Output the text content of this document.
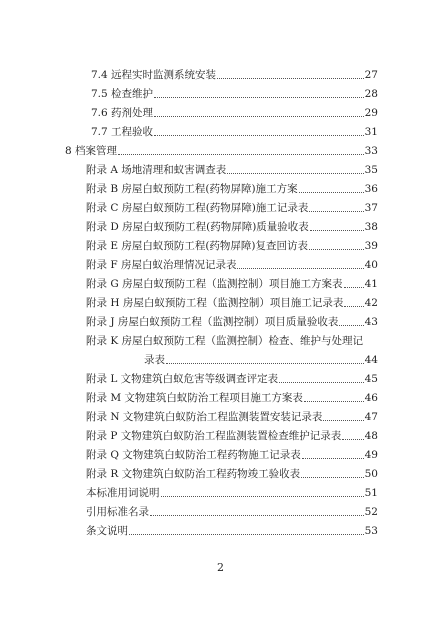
7.4 远程实时监测系统安装	27
7.5 检查维护	28
7.6 药剂处理	29
7.7 工程验收	31
8 档案管理	33
附录 A 场地清理和蚁害调查表	35
附录 B 房屋白蚁预防工程(药物屏障)施工方案	36
附录 C 房屋白蚁预防工程(药物屏障)施工记录表	37
附录 D 房屋白蚁预防工程(药物屏障)质量验收表	38
附录 E 房屋白蚁预防工程(药物屏障)复查回访表	39
附录 F 房屋白蚁治理情况记录表	40
附录 G 房屋白蚁预防工程（监测控制）项目施工方案表 41
附录 H 房屋白蚁预防工程（监测控制）项目施工记录表 42
附录 J 房屋白蚁预防工程（监测控制）项目质量验收表 43
附录 K 房屋白蚁预防工程（监测控制）检查、维护与处理记
录表	44
附录 L 文物建筑白蚁危害等级调查评定表	45
附录 M 文物建筑白蚁防治工程项目施工方案表	46
附录 N 文物建筑白蚁防治工程监测装置安装记录表	47
附录 P 文物建筑白蚁防治工程监测装置检查维护记录表 48
附录 Q 文物建筑白蚁防治工程药物施工记录表	49
附录 R 文物建筑白蚁防治工程药物竣工验收表	50
本标准用词说明	51
引用标准名录	52
条文说明	53
2
